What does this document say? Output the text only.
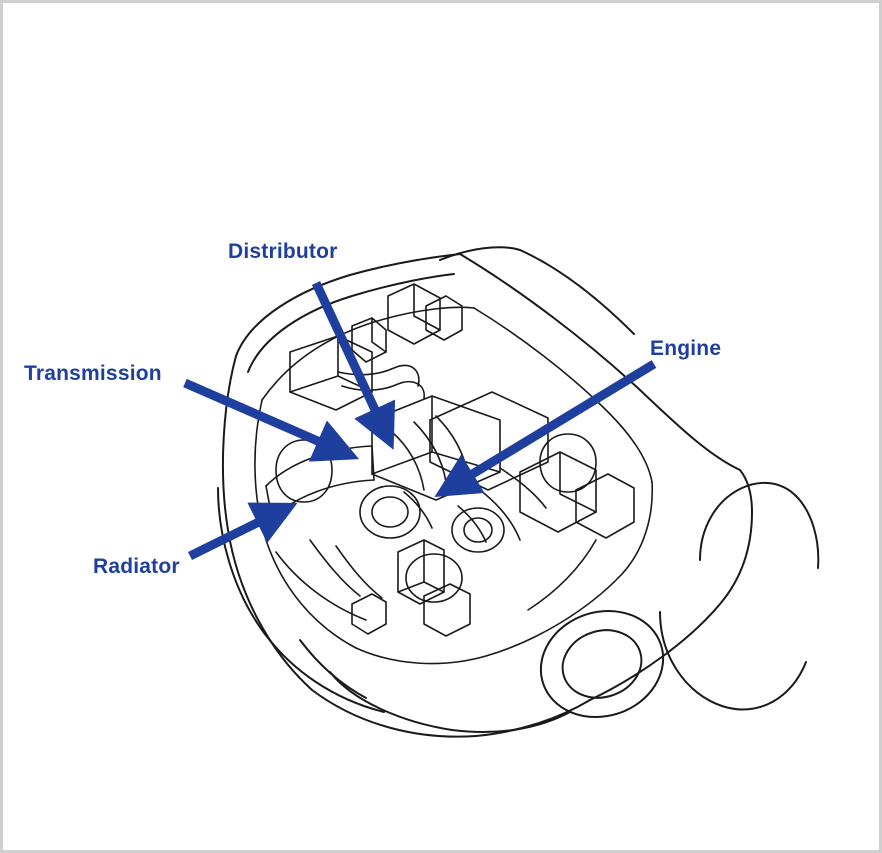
Distributor
Engine
Transmission
Radiator
